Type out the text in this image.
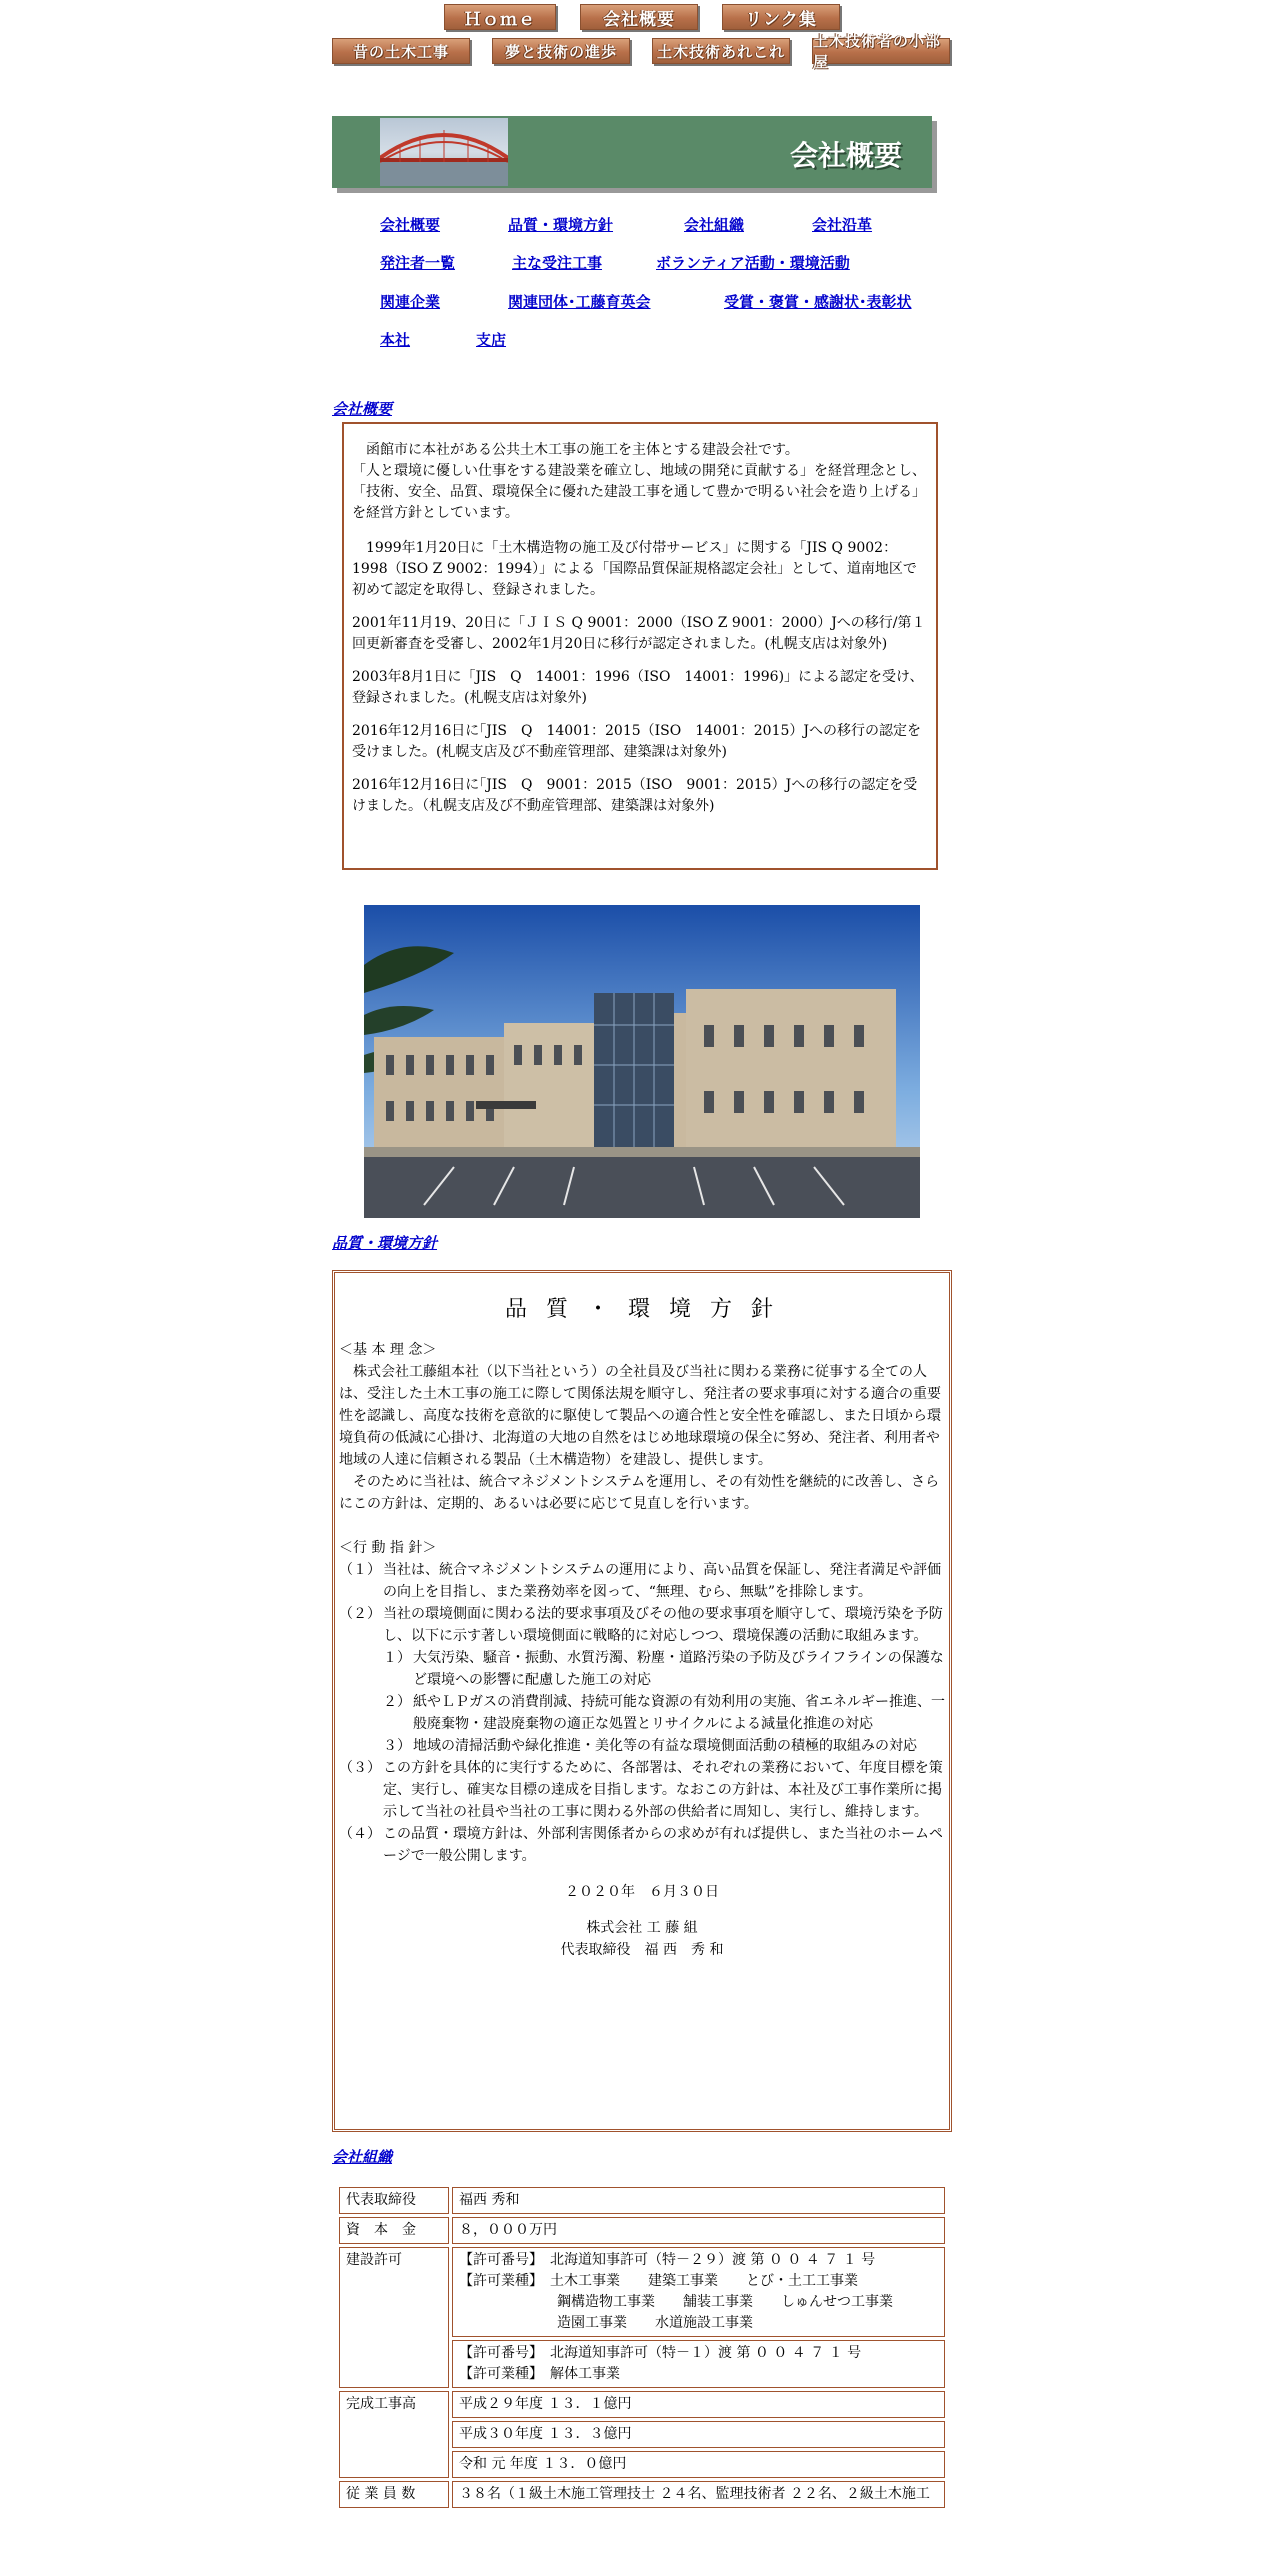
Ｈｏｍｅ	会社概要	リンク集
昔の土木工事	夢と技術の進歩	土木技術あれこれ
土木技術者の小部屋
会社概要
会社概要	品質・環境方針	会社組織	会社沿革
発注者一覧	主な受注工事	ボランティア活動・環境活動
関連企業	関連団体･工藤育英会	受賞・褒賞・感謝状･表彰状
本社	支店
会社概要

　函館市に本社がある公共土木工事の施工を主体とする建設会社です。
「人と環境に優しい仕事をする建設業を確立し、地域の開発に貢献する」を経営理念とし、「技術、安全、品質、環境保全に優れた建設工事を通して豊かで明るい社会を造り上げる」を経営方針としています。

　1999年1月20日に「土木構造物の施工及び付帯サービス」に関する「JIS Q 9002：1998（ISO Z 9002：1994）」による「国際品質保証規格認定会社」として、道南地区で初めて認定を取得し、登録されました。

2001年11月19、20日に「ＪＩＳ Q 9001：2000（ISO Z 9001：2000）Jへの移行/第１回更新審査を受審し、2002年1月20日に移行が認定されました。(札幌支店は対象外)

2003年8月1日に「JIS　Q　14001：1996（ISO　14001：1996)」による認定を受け、登録されました。(札幌支店は対象外)

2016年12月16日に｢JIS　Q　14001：2015（ISO　14001：2015）Jへの移行の認定を受けました。(札幌支店及び不動産管理部、建築課は対象外)

2016年12月16日に｢JIS　Q　9001：2015（ISO　9001：2015）Jへの移行の認定を受けました。（札幌支店及び不動産管理部、建築課は対象外)

品質・環境方針
品 質 ・ 環 境 方 針
＜基 本 理 念＞
　株式会社工藤組本社（以下当社という）の全社員及び当社に関わる業務に従事する全ての人は、受注した土木工事の施工に際して関係法規を順守し、発注者の要求事項に対する適合の重要性を認識し、高度な技術を意欲的に駆使して製品への適合性と安全性を確認し、また日頃から環境負荷の低減に心掛け、北海道の大地の自然をはじめ地球環境の保全に努め、発注者、利用者や地域の人達に信頼される製品（土木構造物）を建設し、提供します。
　そのために当社は、統合マネジメントシステムを運用し、その有効性を継続的に改善し、さらにこの方針は、定期的、あるいは必要に応じて見直しを行います。
＜行 動 指 針＞
（１） 当社は、統合マネジメントシステムの運用により、高い品質を保証し、発注者満足や評価の向上を目指し、また業務効率を図って、“無理、むら、無駄”を排除します。
（２） 当社の環境側面に関わる法的要求事項及びその他の要求事項を順守して、環境汚染を予防し、以下に示す著しい環境側面に戦略的に対応しつつ、環境保護の活動に取組みます。
１） 大気汚染、騒音・振動、水質汚濁、粉塵・道路汚染の予防及びライフラインの保護など環境への影響に配慮した施工の対応
２） 紙やＬＰガスの消費削減、持続可能な資源の有効利用の実施、省エネルギー推進、一般廃棄物・建設廃棄物の適正な処置とリサイクルによる減量化推進の対応
３） 地域の清掃活動や緑化推進・美化等の有益な環境側面活動の積極的取組みの対応
（３） この方針を具体的に実行するために、各部署は、それぞれの業務において、年度目標を策定、実行し、確実な目標の達成を目指します。なおこの方針は、本社及び工事作業所に掲示して当社の社員や当社の工事に関わる外部の供給者に周知し、実行し、維持します。
（４） この品質・環境方針は、外部利害関係者からの求めが有れば提供し、また当社のホームページで一般公開します。
２０２０年　６月３０日
株式会社 工 藤 組
代表取締役　福 西　秀 和
会社組織
代表取締役	福西 秀和
資　本　金	８，０００万円
建設許可	【許可番号】　北海道知事許可（特－２９）渡 第 ０ ０ ４ ７ １ 号
【許可業種】　土木工事業　　建築工事業　　とび・土工工事業
　　　　　　　鋼構造物工事業　　舗装工事業　　しゅんせつ工事業
　　　　　　　造園工事業　　水道施設工事業

	【許可番号】　北海道知事許可（特－１）渡 第 ０ ０ ４ ７ １ 号
【許可業種】　解体工事業

完成工事高	平成２９年度 １３．１億円
	平成３０年度 １３．３億円
	令和 元 年度 １３．０億円
従 業 員 数	３８名（１級土木施工管理技士 ２４名、監理技術者 ２２名、２級土木施工
